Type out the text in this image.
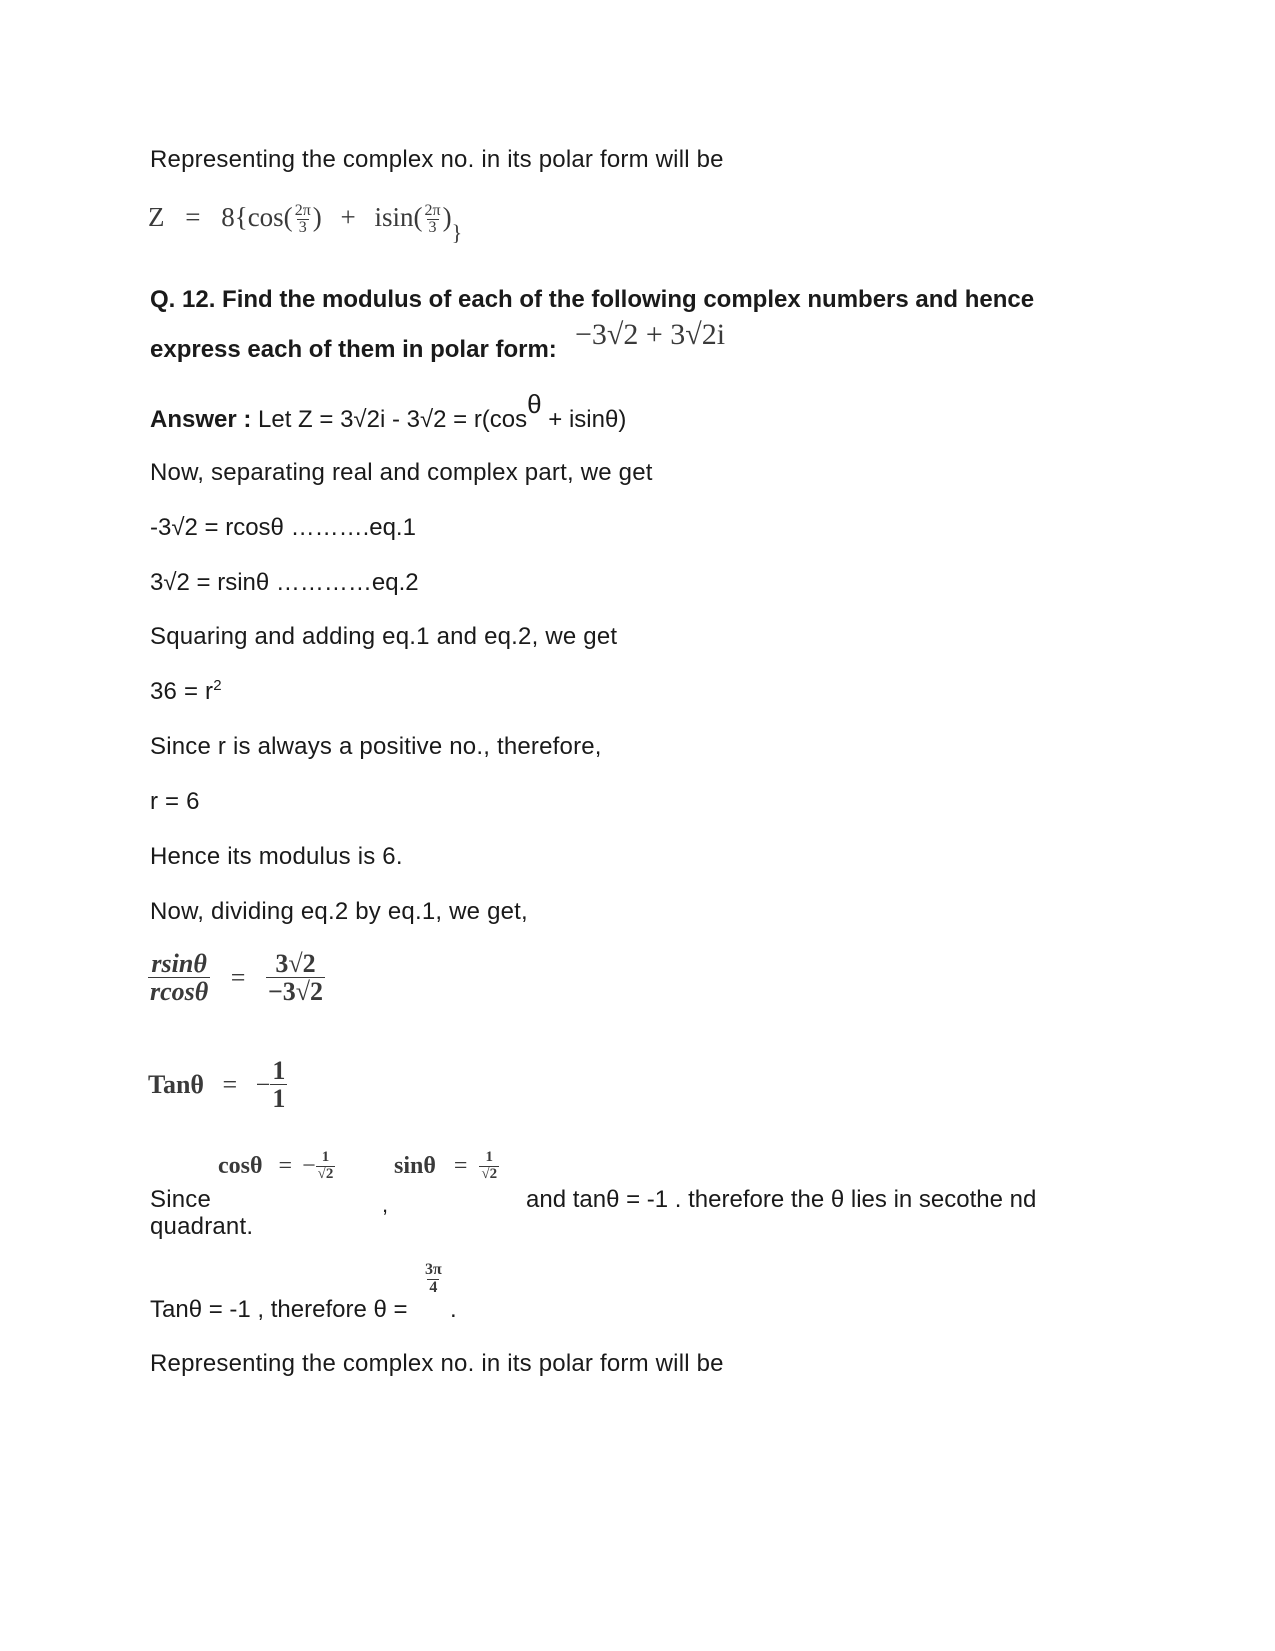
Representing the complex no. in its polar form will be
$Z = 8\{\cos( \frac{2\pi}{3}$ ) + $isin( \frac{2\pi}{3} )_{\}}$
Q. 12. Find the modulus of each of the following complex numbers and hence
express each of them in polar form: −3√2 + 3√2i
Answer : Let Z = 3√2i - 3√2 = r(cosθ + isinθ)
Now, separating real and complex part, we get
-3√2 = rcosθ ……….eq.1
3√2 = rsinθ …………eq.2
Squaring and adding eq.1 and eq.2, we get
$36 = r^2$
Since r is always a positive no., therefore,
r = 6
Hence its modulus is 6.
Now, dividing eq.2 by eq.1, we get,
$\frac{rsin\theta}{rcos\theta} = \frac{3√2}{-3√2}$
Tanθ = − $\frac{1}{1}$
Since
cosθ = − $\frac{1}{√2}$
,
$\sin\theta = \frac{1}{√2}$
and tanθ = -1 . therefore the θ lies in secothe nd
quadrant.
Tanθ = -1 , therefore θ =
$\frac{3\pi}{4}$
.
Representing the complex no. in its polar form will be
